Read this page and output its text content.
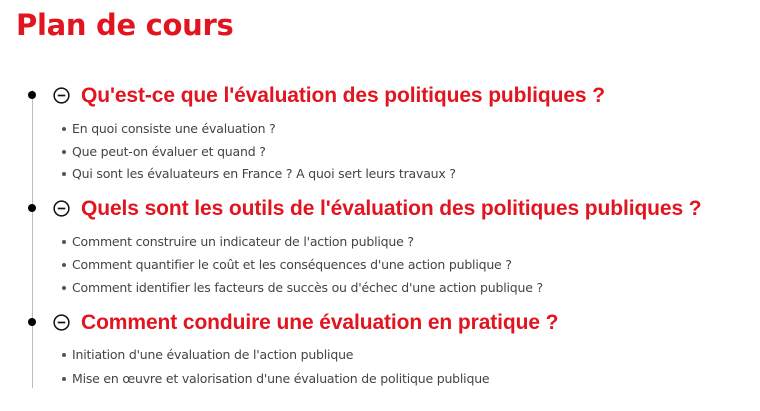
Plan de cours
Qu'est-ce que l'évaluation des politiques publiques ?
En quoi consiste une évaluation ?
Que peut-on évaluer et quand ?
Qui sont les évaluateurs en France ? A quoi sert leurs travaux ?
Quels sont les outils de l'évaluation des politiques publiques ?
Comment construire un indicateur de l'action publique ?
Comment quantifier le coût et les conséquences d'une action publique ?
Comment identifier les facteurs de succès ou d'échec d'une action publique ?
Comment conduire une évaluation en pratique ?
Initiation d'une évaluation de l'action publique
Mise en œuvre et valorisation d'une évaluation de politique publique
